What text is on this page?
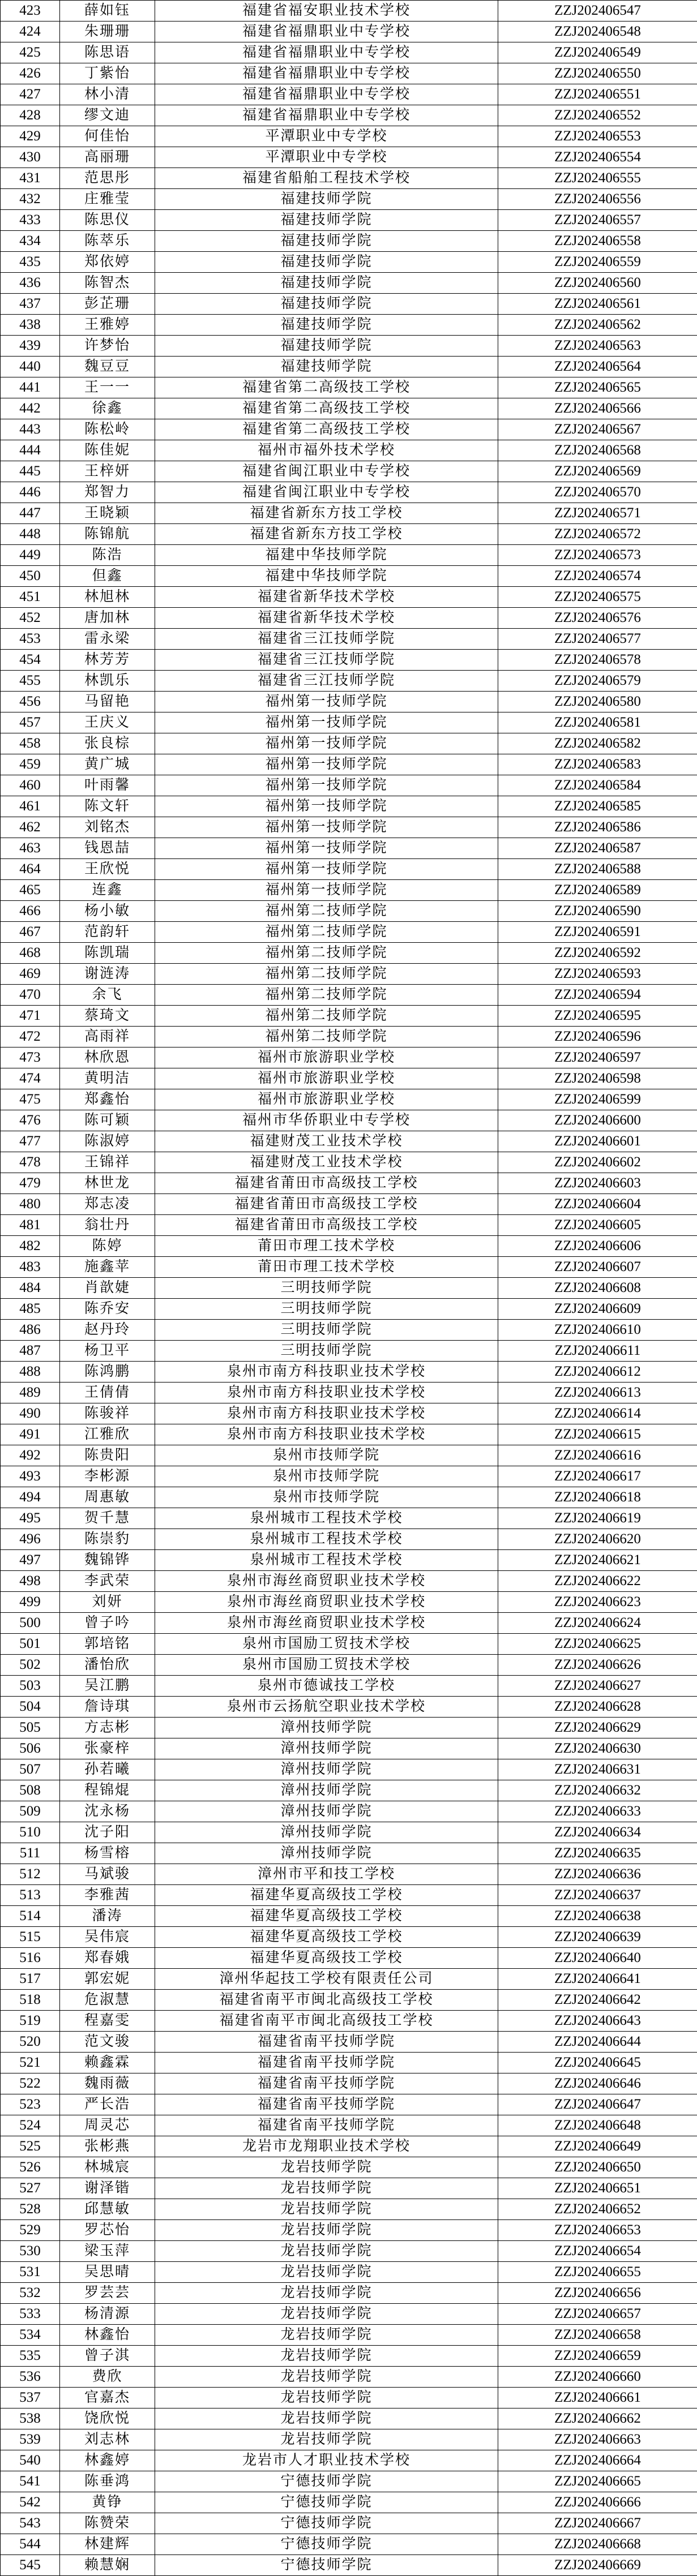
423	薛如钰	福建省福安职业技术学校	ZZJ202406547
424	朱珊珊	福建省福鼎职业中专学校	ZZJ202406548
425	陈思语	福建省福鼎职业中专学校	ZZJ202406549
426	丁紫怡	福建省福鼎职业中专学校	ZZJ202406550
427	林小清	福建省福鼎职业中专学校	ZZJ202406551
428	缪文迪	福建省福鼎职业中专学校	ZZJ202406552
429	何佳怡	平潭职业中专学校	ZZJ202406553
430	高丽珊	平潭职业中专学校	ZZJ202406554
431	范思彤	福建省船舶工程技术学校	ZZJ202406555
432	庄雅莹	福建技师学院	ZZJ202406556
433	陈思仪	福建技师学院	ZZJ202406557
434	陈萃乐	福建技师学院	ZZJ202406558
435	郑依婷	福建技师学院	ZZJ202406559
436	陈智杰	福建技师学院	ZZJ202406560
437	彭芷珊	福建技师学院	ZZJ202406561
438	王雅婷	福建技师学院	ZZJ202406562
439	许梦怡	福建技师学院	ZZJ202406563
440	魏豆豆	福建技师学院	ZZJ202406564
441	王一一	福建省第二高级技工学校	ZZJ202406565
442	徐鑫	福建省第二高级技工学校	ZZJ202406566
443	陈松岭	福建省第二高级技工学校	ZZJ202406567
444	陈佳妮	福州市福外技术学校	ZZJ202406568
445	王梓妍	福建省闽江职业中专学校	ZZJ202406569
446	郑智力	福建省闽江职业中专学校	ZZJ202406570
447	王晓颖	福建省新东方技工学校	ZZJ202406571
448	陈锦航	福建省新东方技工学校	ZZJ202406572
449	陈浩	福建中华技师学院	ZZJ202406573
450	但鑫	福建中华技师学院	ZZJ202406574
451	林旭林	福建省新华技术学校	ZZJ202406575
452	唐加林	福建省新华技术学校	ZZJ202406576
453	雷永梁	福建省三江技师学院	ZZJ202406577
454	林芳芳	福建省三江技师学院	ZZJ202406578
455	林凯乐	福建省三江技师学院	ZZJ202406579
456	马留艳	福州第一技师学院	ZZJ202406580
457	王庆义	福州第一技师学院	ZZJ202406581
458	张良棕	福州第一技师学院	ZZJ202406582
459	黄广城	福州第一技师学院	ZZJ202406583
460	叶雨馨	福州第一技师学院	ZZJ202406584
461	陈文轩	福州第一技师学院	ZZJ202406585
462	刘铭杰	福州第一技师学院	ZZJ202406586
463	钱恩喆	福州第一技师学院	ZZJ202406587
464	王欣悦	福州第一技师学院	ZZJ202406588
465	连鑫	福州第一技师学院	ZZJ202406589
466	杨小敏	福州第二技师学院	ZZJ202406590
467	范韵轩	福州第二技师学院	ZZJ202406591
468	陈凯瑞	福州第二技师学院	ZZJ202406592
469	谢涟涛	福州第二技师学院	ZZJ202406593
470	余飞	福州第二技师学院	ZZJ202406594
471	蔡琦文	福州第二技师学院	ZZJ202406595
472	高雨祥	福州第二技师学院	ZZJ202406596
473	林欣恩	福州市旅游职业学校	ZZJ202406597
474	黄明洁	福州市旅游职业学校	ZZJ202406598
475	郑鑫怡	福州市旅游职业学校	ZZJ202406599
476	陈可颖	福州市华侨职业中专学校	ZZJ202406600
477	陈淑婷	福建财茂工业技术学校	ZZJ202406601
478	王锦祥	福建财茂工业技术学校	ZZJ202406602
479	林世龙	福建省莆田市高级技工学校	ZZJ202406603
480	郑志凌	福建省莆田市高级技工学校	ZZJ202406604
481	翁壮丹	福建省莆田市高级技工学校	ZZJ202406605
482	陈婷	莆田市理工技术学校	ZZJ202406606
483	施鑫苹	莆田市理工技术学校	ZZJ202406607
484	肖歆婕	三明技师学院	ZZJ202406608
485	陈乔安	三明技师学院	ZZJ202406609
486	赵丹玲	三明技师学院	ZZJ202406610
487	杨卫平	三明技师学院	ZZJ202406611
488	陈鸿鹏	泉州市南方科技职业技术学校	ZZJ202406612
489	王倩倩	泉州市南方科技职业技术学校	ZZJ202406613
490	陈骏祥	泉州市南方科技职业技术学校	ZZJ202406614
491	江雅欣	泉州市南方科技职业技术学校	ZZJ202406615
492	陈贵阳	泉州市技师学院	ZZJ202406616
493	李彬源	泉州市技师学院	ZZJ202406617
494	周惠敏	泉州市技师学院	ZZJ202406618
495	贺千慧	泉州城市工程技术学校	ZZJ202406619
496	陈崇豹	泉州城市工程技术学校	ZZJ202406620
497	魏锦铧	泉州城市工程技术学校	ZZJ202406621
498	李武荣	泉州市海丝商贸职业技术学校	ZZJ202406622
499	刘妍	泉州市海丝商贸职业技术学校	ZZJ202406623
500	曾子吟	泉州市海丝商贸职业技术学校	ZZJ202406624
501	郭培铭	泉州市国励工贸技术学校	ZZJ202406625
502	潘怡欣	泉州市国励工贸技术学校	ZZJ202406626
503	吴江鹏	泉州市德诚技工学校	ZZJ202406627
504	詹诗琪	泉州市云扬航空职业技术学校	ZZJ202406628
505	方志彬	漳州技师学院	ZZJ202406629
506	张豪梓	漳州技师学院	ZZJ202406630
507	孙若曦	漳州技师学院	ZZJ202406631
508	程锦焜	漳州技师学院	ZZJ202406632
509	沈永杨	漳州技师学院	ZZJ202406633
510	沈子阳	漳州技师学院	ZZJ202406634
511	杨雪榕	漳州技师学院	ZZJ202406635
512	马斌骏	漳州市平和技工学校	ZZJ202406636
513	李雅茜	福建华夏高级技工学校	ZZJ202406637
514	潘涛	福建华夏高级技工学校	ZZJ202406638
515	吴伟宸	福建华夏高级技工学校	ZZJ202406639
516	郑春娥	福建华夏高级技工学校	ZZJ202406640
517	郭宏妮	漳州华起技工学校有限责任公司	ZZJ202406641
518	危淑慧	福建省南平市闽北高级技工学校	ZZJ202406642
519	程嘉雯	福建省南平市闽北高级技工学校	ZZJ202406643
520	范文骏	福建省南平技师学院	ZZJ202406644
521	赖鑫霖	福建省南平技师学院	ZZJ202406645
522	魏雨薇	福建省南平技师学院	ZZJ202406646
523	严长浩	福建省南平技师学院	ZZJ202406647
524	周灵芯	福建省南平技师学院	ZZJ202406648
525	张彬燕	龙岩市龙翔职业技术学校	ZZJ202406649
526	林城宸	龙岩技师学院	ZZJ202406650
527	谢泽锴	龙岩技师学院	ZZJ202406651
528	邱慧敏	龙岩技师学院	ZZJ202406652
529	罗芯怡	龙岩技师学院	ZZJ202406653
530	梁玉萍	龙岩技师学院	ZZJ202406654
531	吴思晴	龙岩技师学院	ZZJ202406655
532	罗芸芸	龙岩技师学院	ZZJ202406656
533	杨清源	龙岩技师学院	ZZJ202406657
534	林鑫怡	龙岩技师学院	ZZJ202406658
535	曾子淇	龙岩技师学院	ZZJ202406659
536	费欣	龙岩技师学院	ZZJ202406660
537	官嘉杰	龙岩技师学院	ZZJ202406661
538	饶欣悦	龙岩技师学院	ZZJ202406662
539	刘志林	龙岩技师学院	ZZJ202406663
540	林鑫婷	龙岩市人才职业技术学校	ZZJ202406664
541	陈垂鸿	宁德技师学院	ZZJ202406665
542	黄铮	宁德技师学院	ZZJ202406666
543	陈赞荣	宁德技师学院	ZZJ202406667
544	林建辉	宁德技师学院	ZZJ202406668
545	赖慧娴	宁德技师学院	ZZJ202406669
